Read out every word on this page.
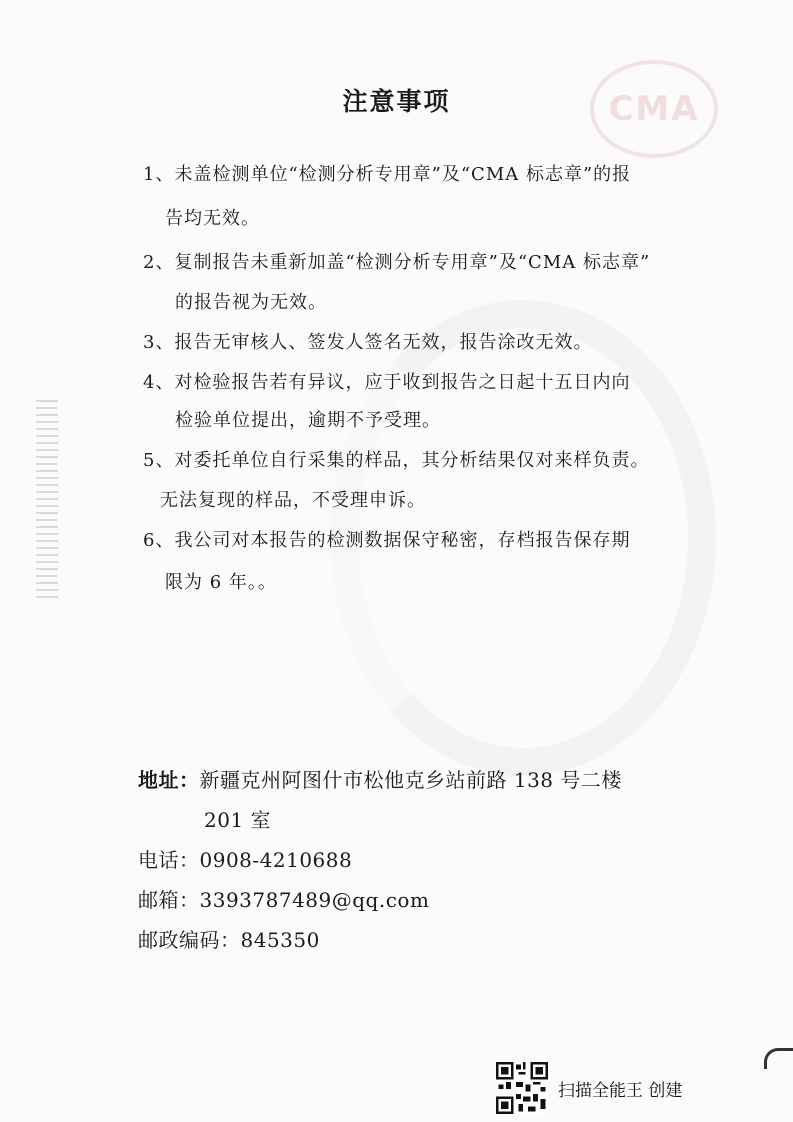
CMA
注意事项
1、未盖检测单位“检测分析专用章”及“CMA 标志章”的报
告均无效。
2、复制报告未重新加盖“检测分析专用章”及“CMA 标志章”
的报告视为无效。
3、报告无审核人、签发人签名无效，报告涂改无效。
4、对检验报告若有异议，应于收到报告之日起十五日内向
检验单位提出，逾期不予受理。
5、对委托单位自行采集的样品，其分析结果仅对来样负责。
无法复现的样品，不受理申诉。
6、我公司对本报告的检测数据保守秘密，存档报告保存期
限为 6 年。。
地址：新疆克州阿图什市松他克乡站前路 138 号二楼
201 室
电话：0908-4210688
邮箱：3393787489@qq.com
邮政编码：845350
扫描全能王 创建
